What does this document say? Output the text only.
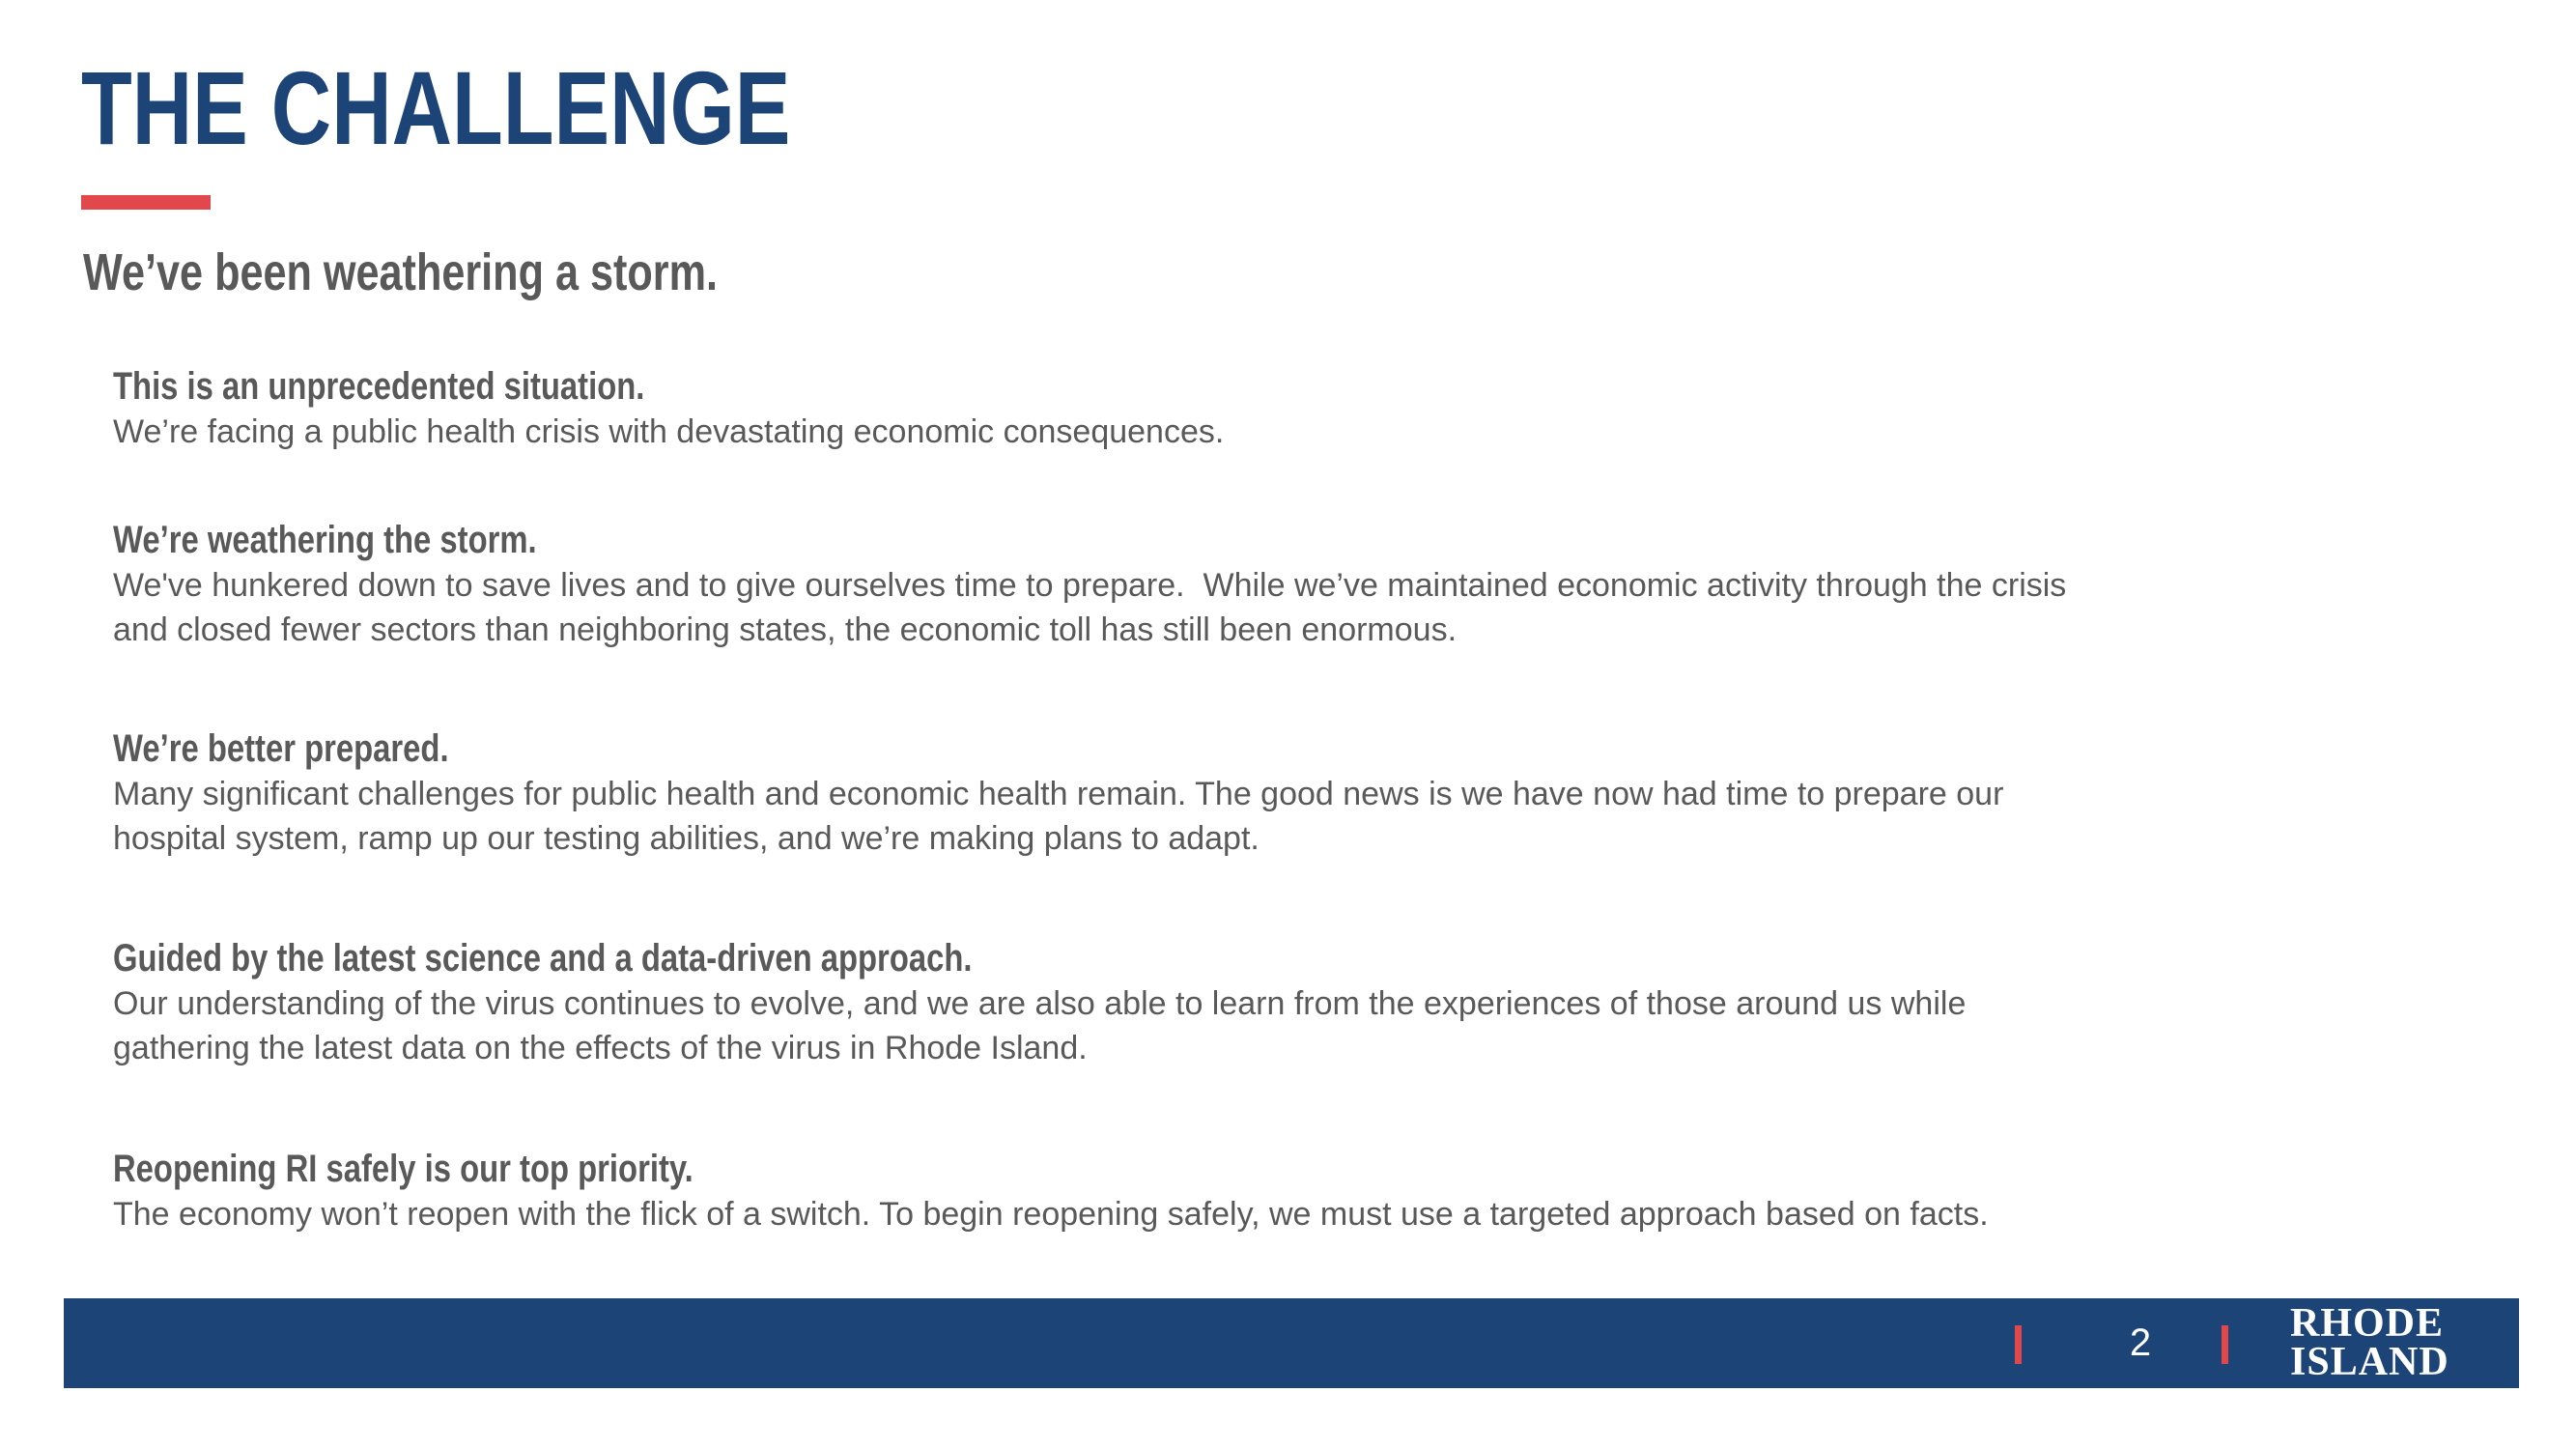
THE CHALLENGE
We’ve been weathering a storm.

This is an unprecedented situation.

We’re facing a public health crisis with devastating economic consequences.

We’re weathering the storm.

We've hunkered down to save lives and to give ourselves time to prepare.  While we’ve maintained economic activity through the crisis
and closed fewer sectors than neighboring states, the economic toll has still been enormous.

We’re better prepared.

Many significant challenges for public health and economic health remain. The good news is we have now had time to prepare our
hospital system, ramp up our testing abilities, and we’re making plans to adapt.

Guided by the latest science and a data-driven approach.

Our understanding of the virus continues to evolve, and we are also able to learn from the experiences of those around us while
gathering the latest data on the effects of the virus in Rhode Island.

Reopening RI safely is our top priority.

The economy won’t reopen with the flick of a switch. To begin reopening safely, we must use a targeted approach based on facts.

2	RHODE
ISLAND
